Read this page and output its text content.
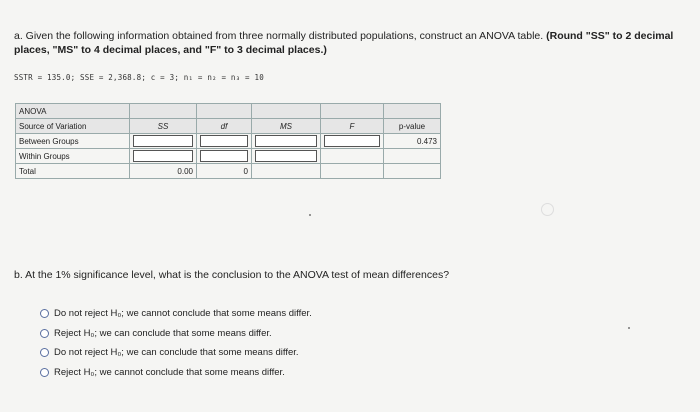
a. Given the following information obtained from three normally distributed populations, construct an ANOVA table. (Round "SS" to 2 decimal places, "MS" to 4 decimal places, and "F" to 3 decimal places.)
SSTR = 135.0; SSE = 2,368.8; c = 3; n₁ = n₂ = n₃ = 10
ANOVA					
Source of Variation	SS	df	MS	F	p-value
Between Groups					0.473
Within Groups	

Total	0.00	0			
b. At the 1% significance level, what is the conclusion to the ANOVA test of mean differences?
Do not reject H₀; we cannot conclude that some means differ.
Reject H₀; we can conclude that some means differ.
Do not reject H₀; we can conclude that some means differ.
Reject H₀; we cannot conclude that some means differ.
